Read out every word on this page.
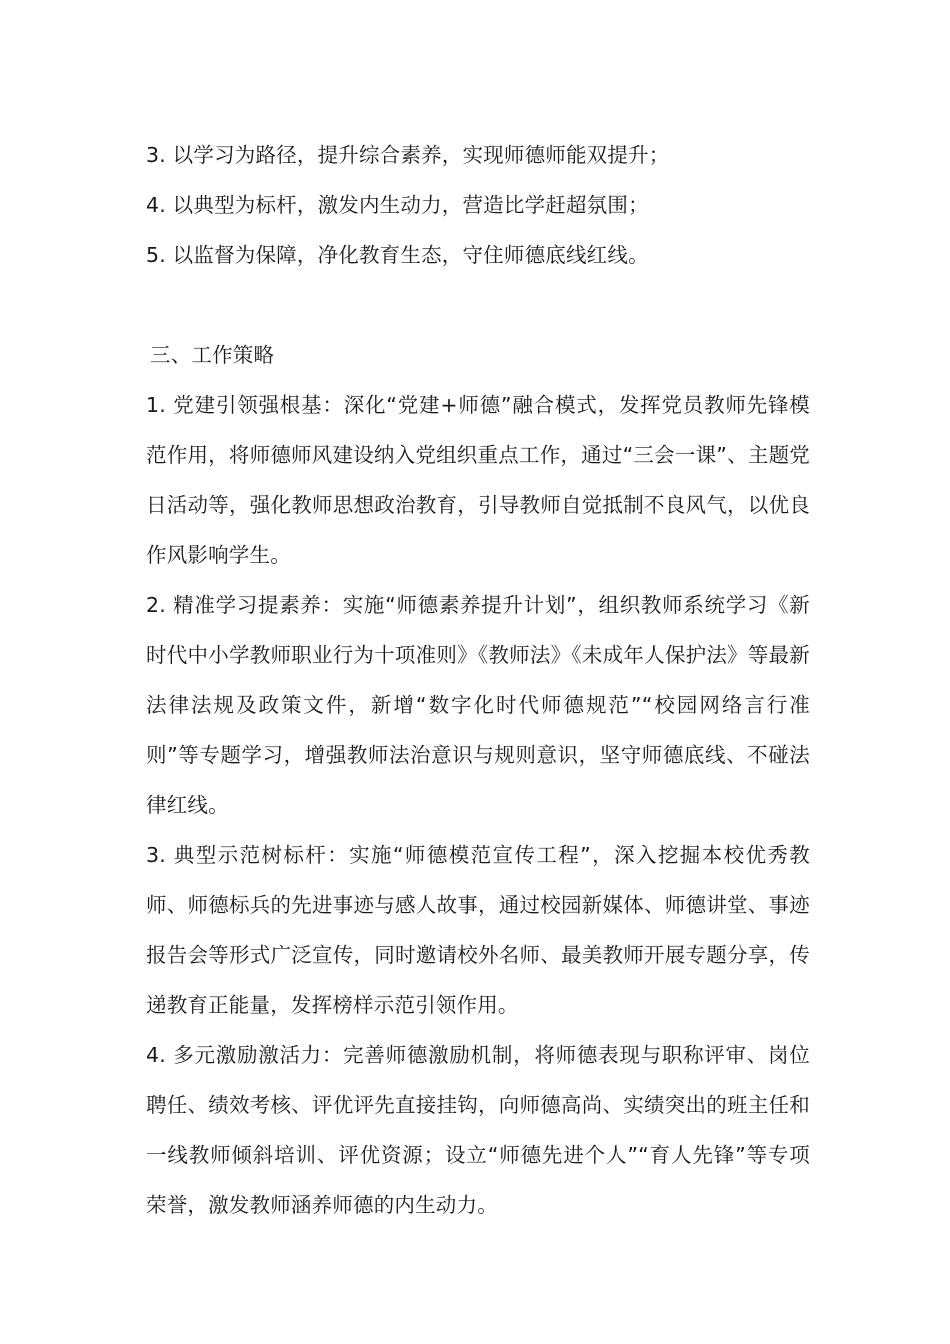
3. 以学习为路径，提升综合素养，实现师德师能双提升；

4. 以典型为标杆，激发内生动力，营造比学赶超氛围；

5. 以监督为保障，净化教育生态，守住师德底线红线。

三、工作策略

1. 党建引领强根基：深化“党建+师德”融合模式，发挥党员教师先锋模范作用，将师德师风建设纳入党组织重点工作，通过“三会一课”、主题党日活动等，强化教师思想政治教育，引导教师自觉抵制不良风气，以优良作风影响学生。

2. 精准学习提素养：实施“师德素养提升计划”，组织教师系统学习《新时代中小学教师职业行为十项准则》《教师法》《未成年人保护法》等最新法律法规及政策文件，新增“数字化时代师德规范”“校园网络言行准则”等专题学习，增强教师法治意识与规则意识，坚守师德底线、不碰法律红线。

3. 典型示范树标杆：实施“师德模范宣传工程”，深入挖掘本校优秀教师、师德标兵的先进事迹与感人故事，通过校园新媒体、师德讲堂、事迹报告会等形式广泛宣传，同时邀请校外名师、最美教师开展专题分享，传递教育正能量，发挥榜样示范引领作用。

4. 多元激励激活力：完善师德激励机制，将师德表现与职称评审、岗位聘任、绩效考核、评优评先直接挂钩，向师德高尚、实绩突出的班主任和一线教师倾斜培训、评优资源；设立“师德先进个人”“育人先锋”等专项荣誉，激发教师涵养师德的内生动力。
